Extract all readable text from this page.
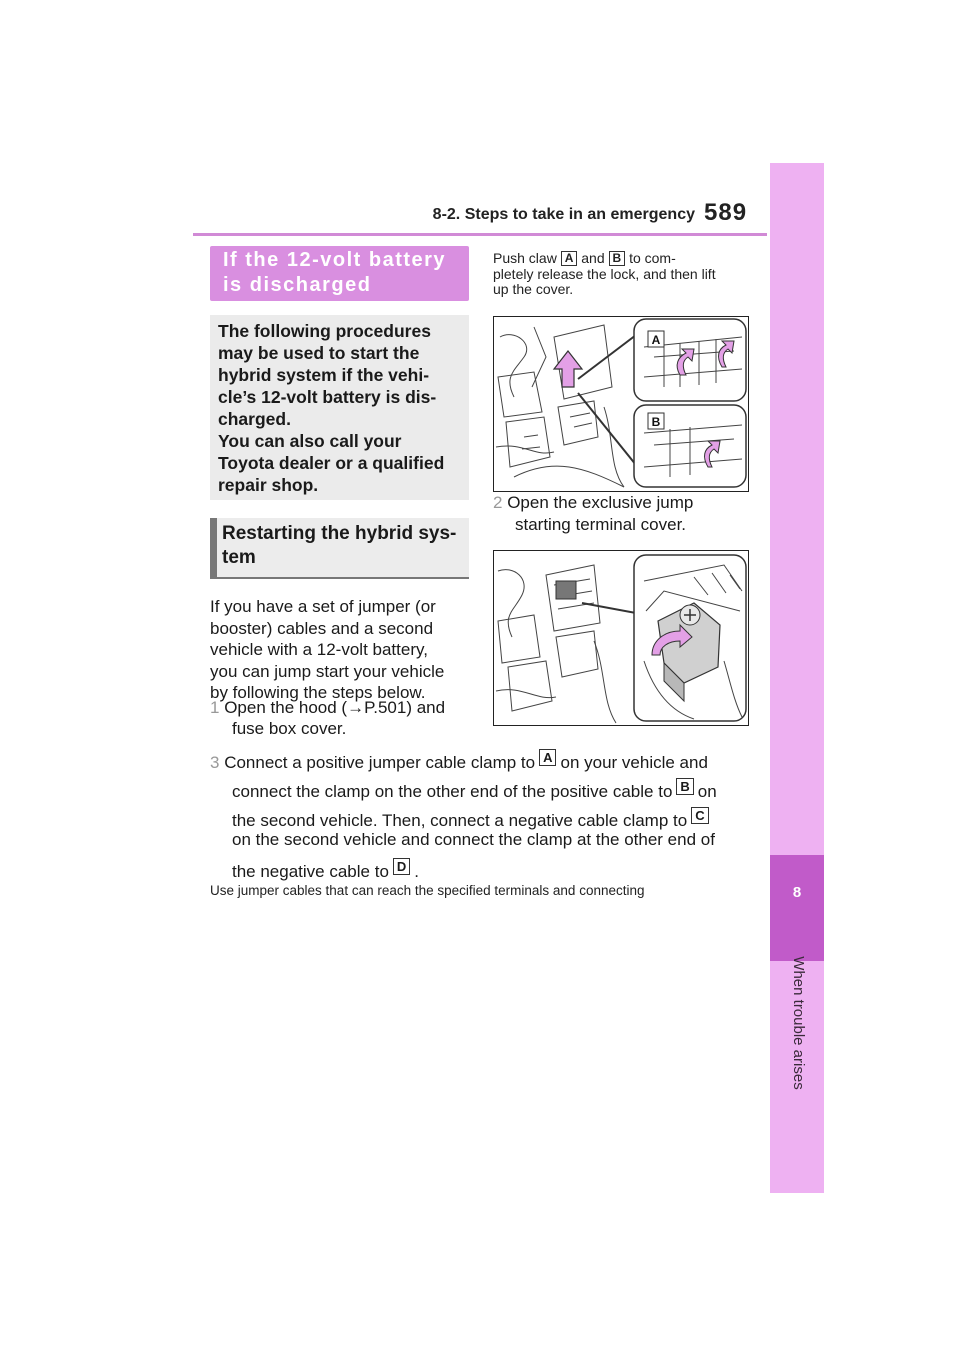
8-2. Steps to take in an emergency 589
8
When trouble arises
If the 12-volt battery is discharged
The following procedures
may be used to start the
hybrid system if the vehi-
cle’s 12-volt battery is dis-
charged.
You can also call your
Toyota dealer or a qualified
repair shop.
Restarting the hybrid sys-tem
If you have a set of jumper (or
booster) cables and a second
vehicle with a 12-volt battery,
you can jump start your vehicle
by following the steps below.
1 Open the hood (→P.501) and
fuse box cover.
Push claw A and B to com-
pletely release the lock, and then lift
up the cover.
A
B
2 Open the exclusive jump
starting terminal cover.
3 Connect a positive jumper cable clamp to A on your vehicle and
connect the clamp on the other end of the positive cable to B on
the second vehicle. Then, connect a negative cable clamp to C
on the second vehicle and connect the clamp at the other end of
the negative cable to D .
Use jumper cables that can reach the specified terminals and connecting
